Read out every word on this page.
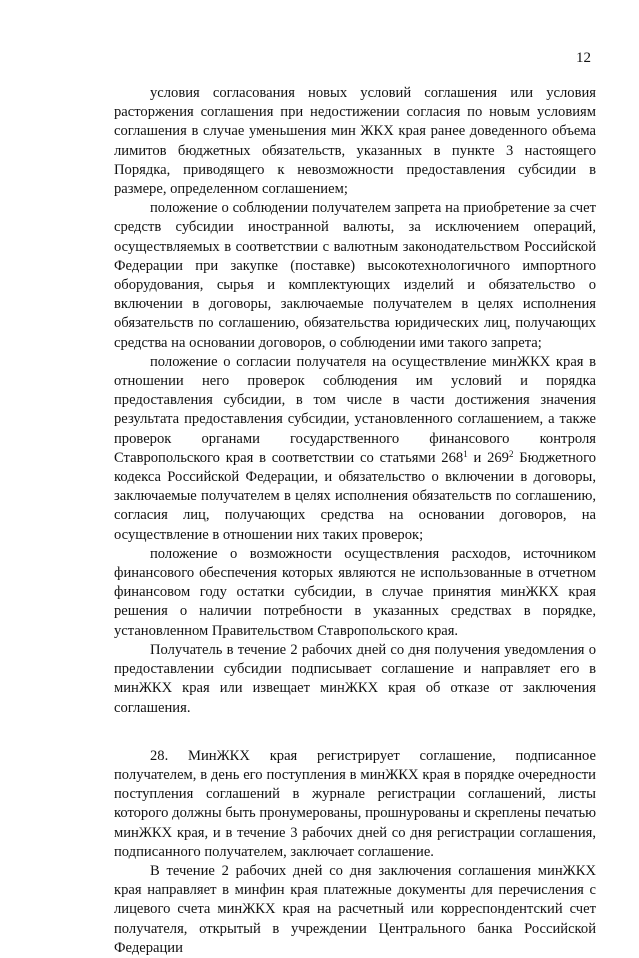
12

условия согласования новых условий соглашения или условия расторжения соглашения при недостижении согласия по новым условиям соглашения в случае уменьшения мин ЖКХ края ранее доведенного объема лимитов бюджетных обязательств, указанных в пункте 3 настоящего Порядка, приводящего к невозможности предоставления субсидии в размере, определенном соглашением;

положение о соблюдении получателем запрета на приобретение за счет средств субсидии иностранной валюты, за исключением операций, осуществляемых в соответствии с валютным законодательством Российской Федерации при закупке (поставке) высокотехнологичного импортного оборудования, сырья и комплектующих изделий и обязательство о включении в договоры, заключаемые получателем в целях исполнения обязательств по соглашению, обязательства юридических лиц, получающих средства на основании договоров, о соблюдении ими такого запрета;

положение о согласии получателя на осуществление минЖКХ края в отношении него проверок соблюдения им условий и порядка предоставления субсидии, в том числе в части достижения значения результата предоставления субсидии, установленного соглашением, а также проверок органами государственного финансового контроля Ставропольского края в соответствии со статьями $268^1$ и $269^2$ Бюджетного кодекса Российской Федерации, и обязательство о включении в договоры, заключаемые получателем в целях исполнения обязательств по соглашению, согласия лиц, получающих средства на основании договоров, на осуществление в отношении них таких проверок;

положение о возможности осуществления расходов, источником финансового обеспечения которых являются не использованные в отчетном финансовом году остатки субсидии, в случае принятия минЖКХ края решения о наличии потребности в указанных средствах в порядке, установленном Правительством Ставропольского края.

Получатель в течение 2 рабочих дней со дня получения уведомления о предоставлении субсидии подписывает соглашение и направляет его в минЖКХ края или извещает минЖКХ края об отказе от заключения соглашения.

28. МинЖКХ края регистрирует соглашение, подписанное получателем, в день его поступления в минЖКХ края в порядке очередности поступления соглашений в журнале регистрации соглашений, листы которого должны быть пронумерованы, прошнурованы и скреплены печатью минЖКХ края, и в течение 3 рабочих дней со дня регистрации соглашения, подписанного получателем, заключает соглашение.

В течение 2 рабочих дней со дня заключения соглашения минЖКХ края направляет в минфин края платежные документы для перечисления с лицевого счета минЖКХ края на расчетный или корреспондентский счет получателя, открытый в учреждении Центрального банка Российской Федерации
